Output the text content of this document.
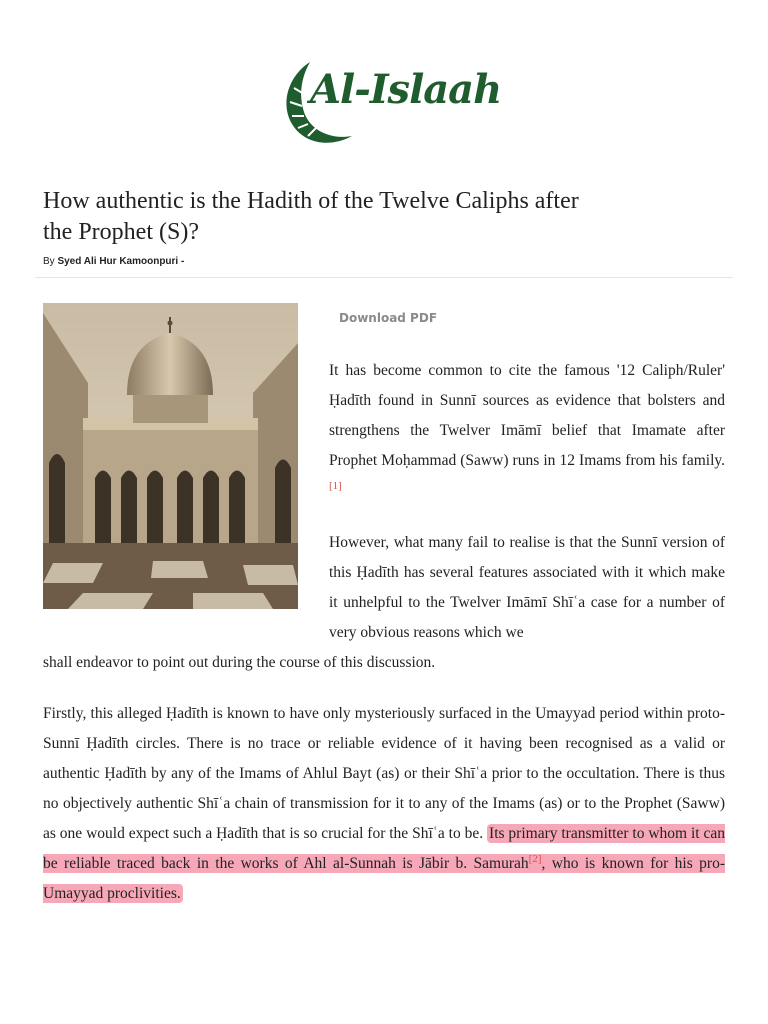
Al-Islaah
How authentic is the Hadith of the Twelve Caliphs after the Prophet (S)?
By Syed Ali Hur Kamoonpuri -
Download PDF

It has become common to cite the famous '12 Caliph/Ruler' Ḥadīth found in Sunnī sources as evidence that bolsters and strengthens the Twelver Imāmī belief that Imamate after Prophet Moḥammad (Saww) runs in 12 Imams from his family.[1]

However, what many fail to realise is that the Sunnī version of this Ḥadīth has several features associated with it which make it unhelpful to the Twelver Imāmī Shīʿa case for a number of very obvious reasons which we

shall endeavor to point out during the course of this discussion.

Firstly, this alleged Ḥadīth is known to have only mysteriously surfaced in the Umayyad period within proto-Sunnī Ḥadīth circles. There is no trace or reliable evidence of it having been recognised as a valid or authentic Ḥadīth by any of the Imams of Ahlul Bayt (as) or their Shīʿa prior to the occultation. There is thus no objectively authentic Shīʿa chain of transmission for it to any of the Imams (as) or to the Prophet (Saww) as one would expect such a Ḥadīth that is so crucial for the Shīʿa to be. Its primary transmitter to whom it can be reliable traced back in the works of Ahl al-Sunnah is Jābir b. Samurah[2], who is known for his pro-Umayyad proclivities.
